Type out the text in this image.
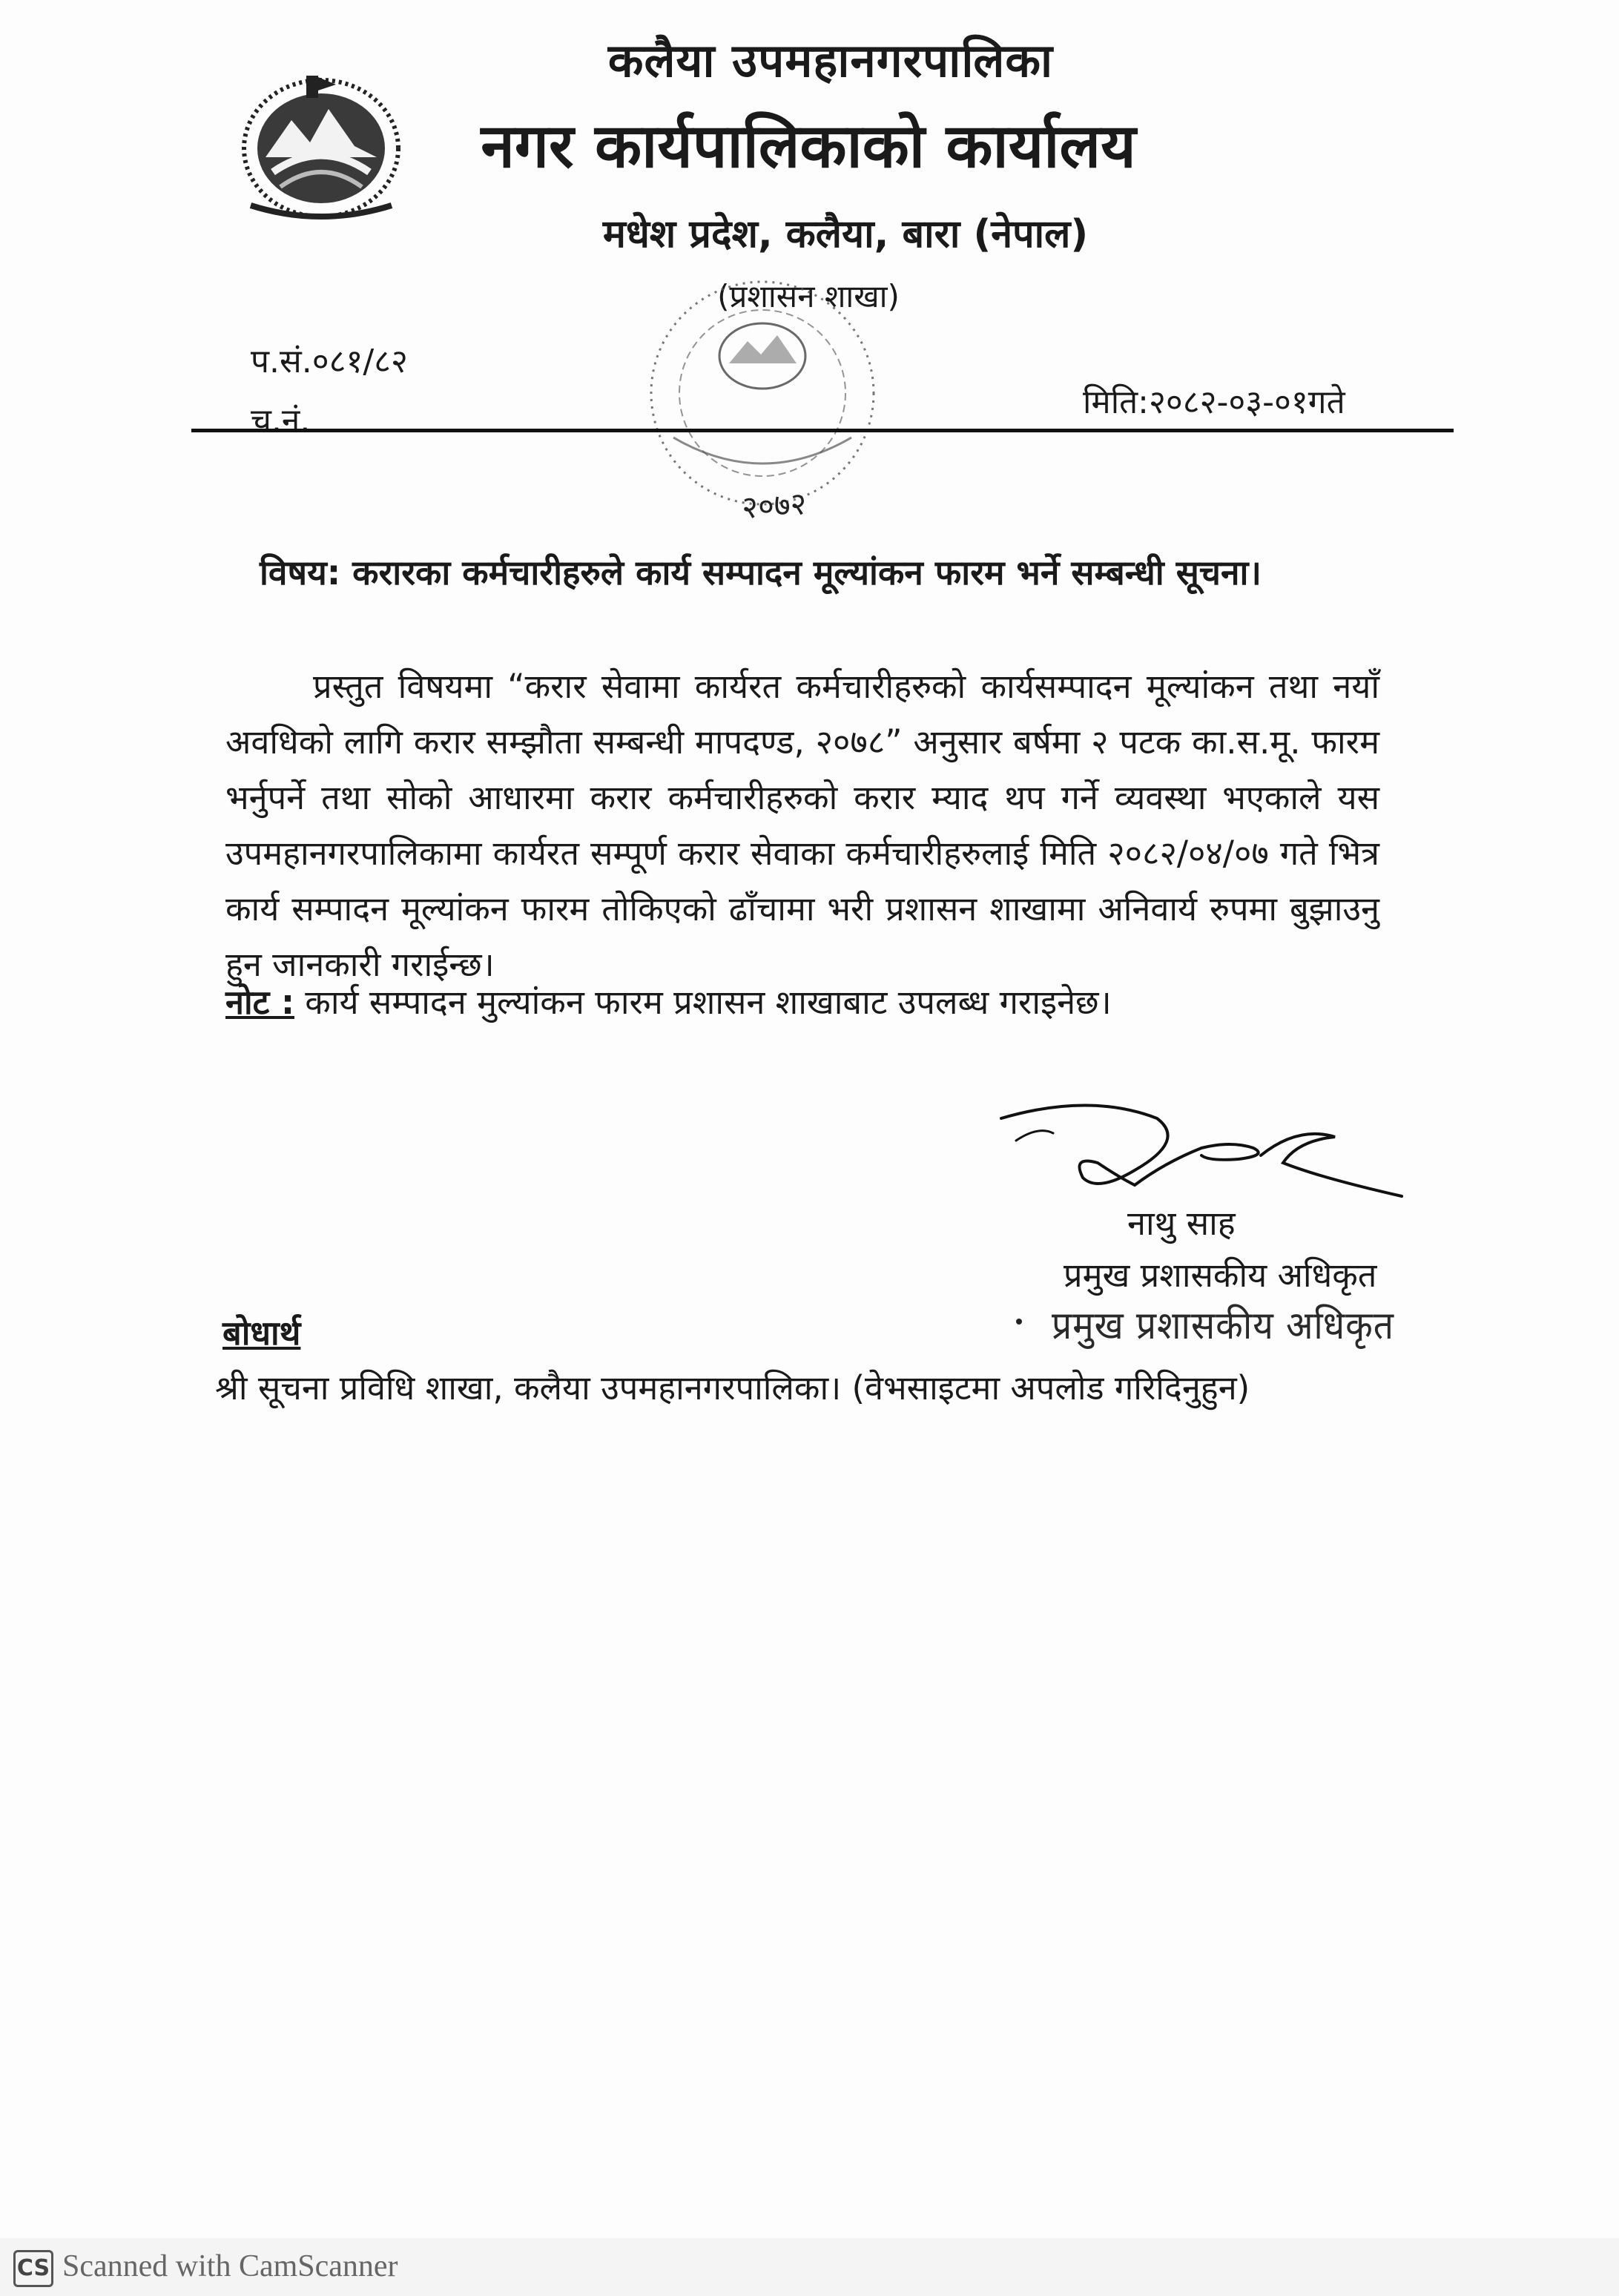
कलैया उपमहानगरपालिका
नगर कार्यपालिकाको कार्यालय
मधेश प्रदेश, कलैया, बारा (नेपाल)
(प्रशासन शाखा)
२०७२
प.सं.०८१/८२
च.नं.	मिति:२०८२-०३-०१गते
विषय: करारका कर्मचारीहरुले कार्य सम्पादन मूल्यांकन फारम भर्ने सम्बन्धी सूचना।
प्रस्तुत विषयमा “करार सेवामा कार्यरत कर्मचारीहरुको कार्यसम्पादन मूल्यांकन तथा नयाँ अवधिको लागि करार सम्झौता सम्बन्धी मापदण्ड, २०७८” अनुसार बर्षमा २ पटक का.स.मू. फारम भर्नुपर्ने तथा सोको आधारमा करार कर्मचारीहरुको करार म्याद थप गर्ने व्यवस्था भएकाले यस उपमहानगरपालिकामा कार्यरत सम्पूर्ण करार सेवाका कर्मचारीहरुलाई मिति २०८२/०४/०७ गते भित्र कार्य सम्पादन मूल्यांकन फारम तोकिएको ढाँचामा भरी प्रशासन शाखामा अनिवार्य रुपमा बुझाउनु हुन जानकारी गराईन्छ।
नोट : कार्य सम्पादन मुल्यांकन फारम प्रशासन शाखाबाट उपलब्ध गराइनेछ।
नाथु साह
प्रमुख प्रशासकीय अधिकृत
प्रमुख प्रशासकीय अधिकृत
बोधार्थ
श्री सूचना प्रविधि शाखा, कलैया उपमहानगरपालिका। (वेभसाइटमा अपलोड गरिदिनुहुन)
CS Scanned with CamScanner
